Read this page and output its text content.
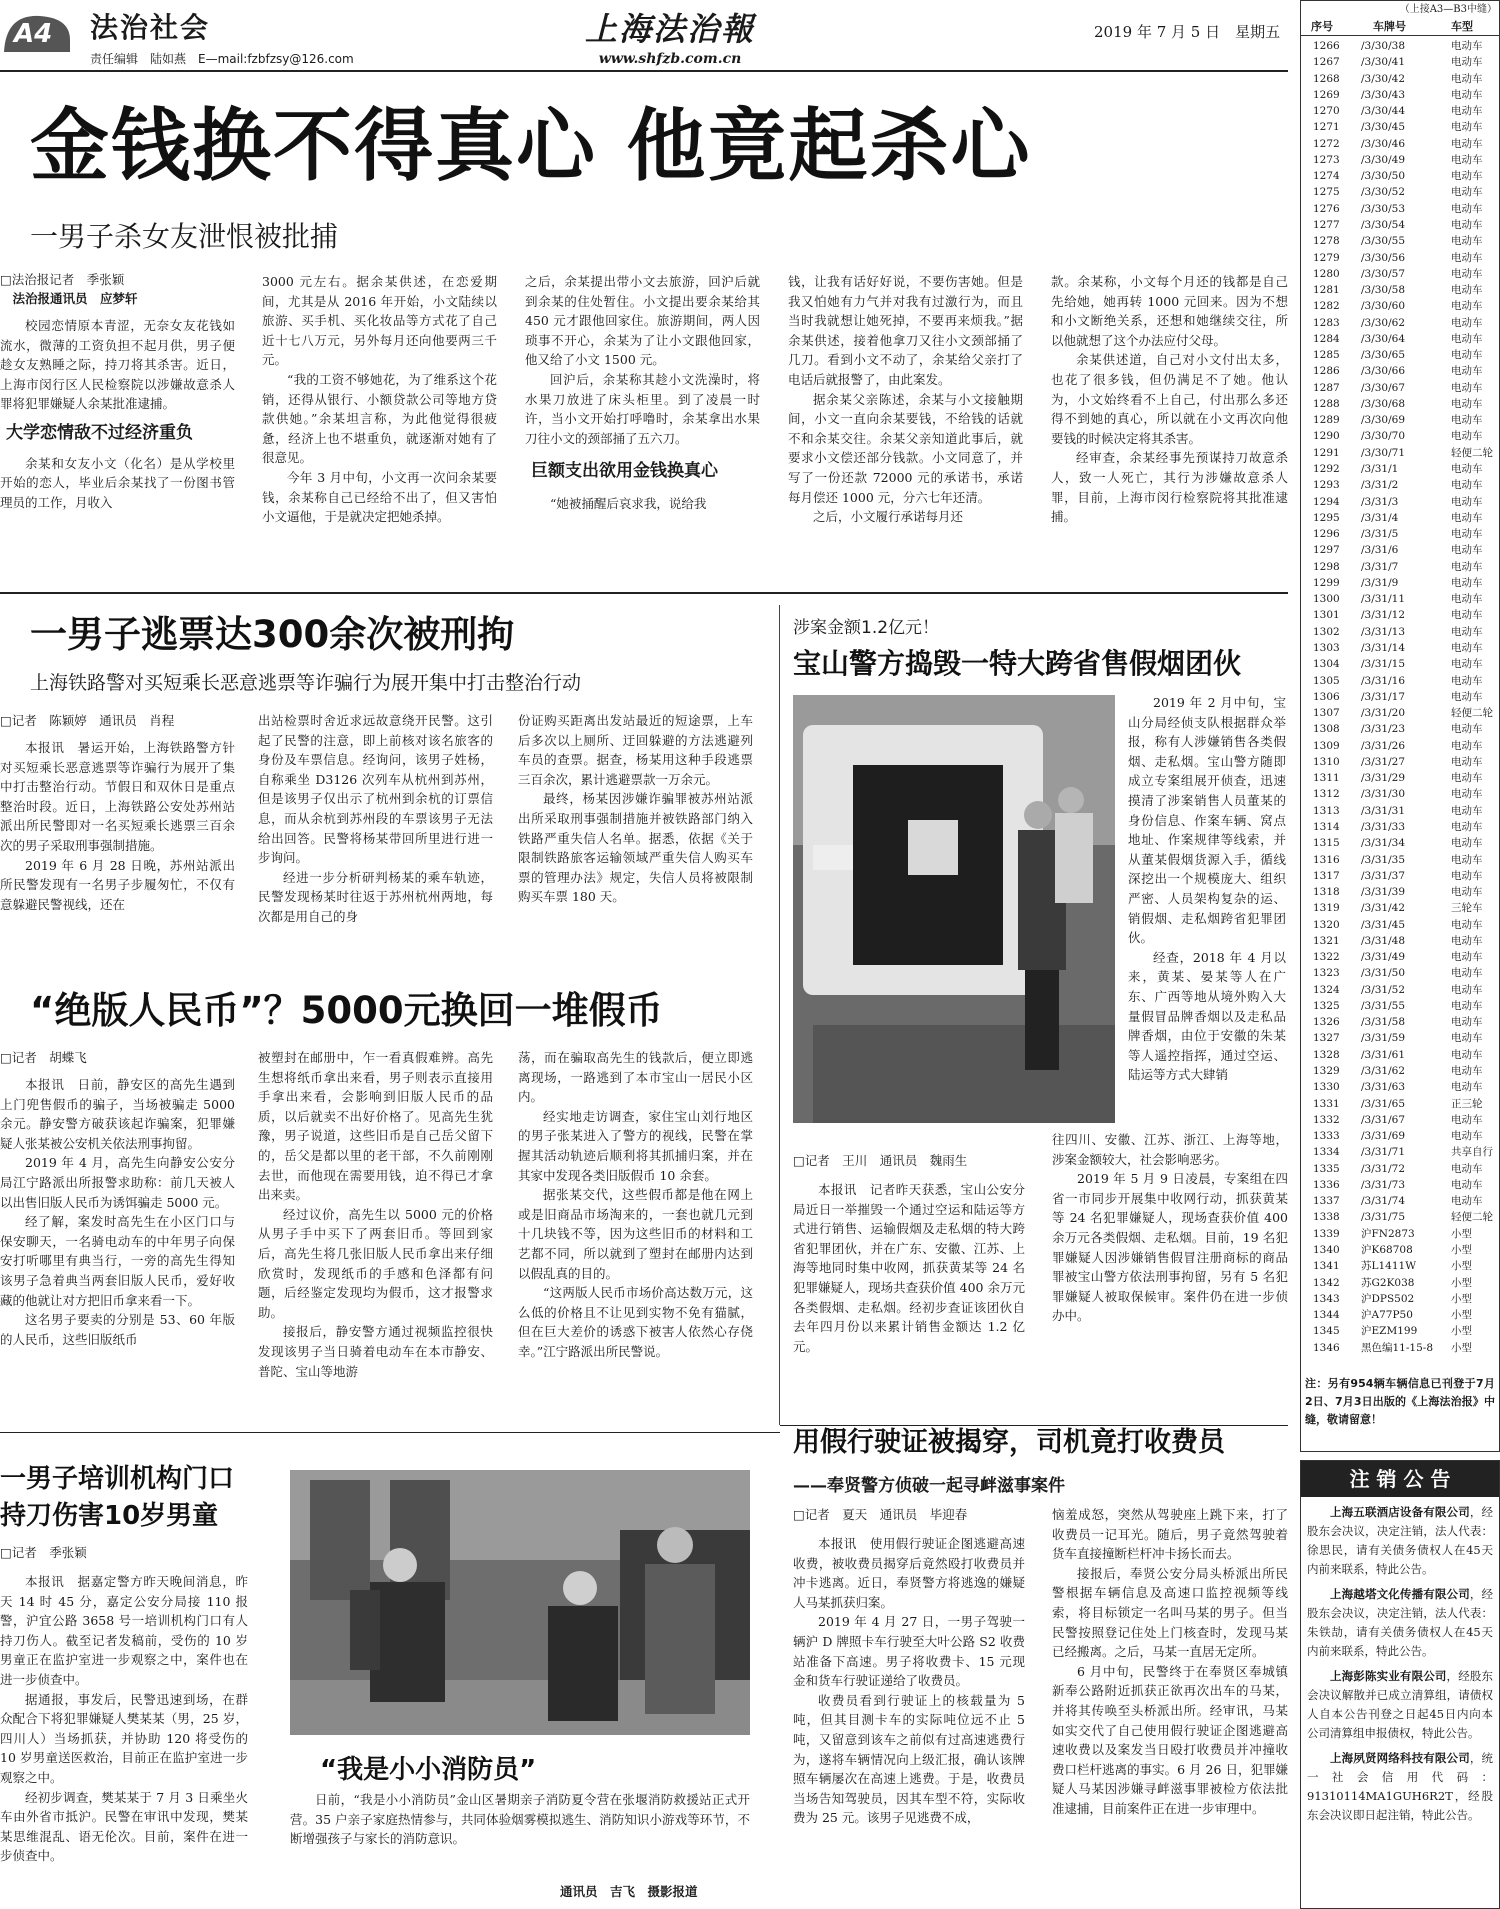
A4 法治社会
责任编辑　陆如燕　E—mail:fzbfzsy@126.com
上海法治報
www.shfzb.com.cn
2019 年 7 月 5 日　星期五
金钱换不得真心 他竟起杀心
一男子杀女友泄恨被批捕
□法治报记者　季张颖
　法治报通讯员　应梦轩

校园恋情原本青涩，无奈女友花钱如流水，微薄的工资负担不起月供，男子便趁女友熟睡之际，持刀将其杀害。近日，上海市闵行区人民检察院以涉嫌故意杀人罪将犯罪嫌疑人余某批准逮捕。

大学恋情敌不过经济重负

余某和女友小文（化名）是从学校里开始的恋人，毕业后余某找了一份图书管理员的工作，月收入

3000 元左右。据余某供述，在恋爱期间，尤其是从 2016 年开始，小文陆续以旅游、买手机、买化妆品等方式花了自己近十七八万元，另外每月还向他要两三千元。

“我的工资不够她花，为了维系这个花销，还得从银行、小额贷款公司等地方贷款供她。”余某坦言称，为此他觉得很疲惫，经济上也不堪重负，就逐渐对她有了很意见。

今年 3 月中旬，小文再一次问余某要钱，余某称自己已经给不出了，但又害怕小文逼他，于是就决定把她杀掉。

之后，余某提出带小文去旅游，回沪后就到余某的住处暂住。小文提出要余某给其 450 元才跟他回家住。旅游期间，两人因琐事不开心，余某为了让小文跟他回家，他又给了小文 1500 元。

回沪后，余某称其趁小文洗澡时，将水果刀放进了床头柜里。到了凌晨一时许，当小文开始打呼噜时，余某拿出水果刀往小文的颈部捅了五六刀。

巨额支出欲用金钱换真心

“她被捅醒后哀求我，说给我

钱，让我有话好好说，不要伤害她。但是我又怕她有力气并对我有过激行为，而且当时我就想让她死掉，不要再来烦我。”据余某供述，接着他拿刀又往小文颈部捅了几刀。看到小文不动了，余某给父亲打了电话后就报警了，由此案发。

据余某父亲陈述，余某与小文接触期间，小文一直向余某要钱，不给钱的话就不和余某交往。余某父亲知道此事后，就要求小文偿还部分钱款。小文同意了，并写了一份还款 72000 元的承诺书，承诺每月偿还 1000 元，分六七年还清。

之后，小文履行承诺每月还

款。余某称，小文每个月还的钱都是自己先给她，她再转 1000 元回来。因为不想和小文断绝关系，还想和她继续交往，所以他就想了这个办法应付父母。

余某供述道，自己对小文付出太多，也花了很多钱，但仍满足不了她。他认为，小文始终看不上自己，付出那么多还得不到她的真心，所以就在小文再次向他要钱的时候决定将其杀害。

经审查，余某经事先预谋持刀故意杀人，致一人死亡，其行为涉嫌故意杀人罪，目前，上海市闵行检察院将其批准逮捕。

一男子逃票达300余次被刑拘
上海铁路警对买短乘长恶意逃票等诈骗行为展开集中打击整治行动
□记者　陈颖婷　通讯员　肖程

本报讯　暑运开始，上海铁路警方针对买短乘长恶意逃票等诈骗行为展开了集中打击整治行动。节假日和双休日是重点整治时段。近日，上海铁路公安处苏州站派出所民警即对一名买短乘长逃票三百余次的男子采取刑事强制措施。

2019 年 6 月 28 日晚，苏州站派出所民警发现有一名男子步履匆忙，不仅有意躲避民警视线，还在

出站检票时舍近求远故意绕开民警。这引起了民警的注意，即上前核对该名旅客的身份及车票信息。经询问，该男子姓杨，自称乘坐 D3126 次列车从杭州到苏州，但是该男子仅出示了杭州到余杭的订票信息，而从余杭到苏州段的车票该男子无法给出回答。民警将杨某带回所里进行进一步询问。

经进一步分析研判杨某的乘车轨迹，民警发现杨某时往返于苏州杭州两地，每次都是用自己的身

份证购买距离出发站最近的短途票，上车后多次以上厕所、迂回躲避的方法逃避列车员的查票。据查，杨某用这种手段逃票三百余次，累计逃避票款一万余元。

最终，杨某因涉嫌诈骗罪被苏州站派出所采取刑事强制措施并被铁路部门纳入铁路严重失信人名单。据悉，依据《关于限制铁路旅客运输领域严重失信人购买车票的管理办法》规定，失信人员将被限制购买车票 180 天。

“绝版人民币”？5000元换回一堆假币
□记者　胡蝶飞

本报讯　日前，静安区的高先生遇到上门兜售假币的骗子，当场被骗走 5000 余元。静安警方破获该起诈骗案，犯罪嫌疑人张某被公安机关依法刑事拘留。

2019 年 4 月，高先生向静安公安分局江宁路派出所报警求助称：前几天被人以出售旧版人民币为诱饵骗走 5000 元。

经了解，案发时高先生在小区门口与保安聊天，一名骑电动车的中年男子向保安打听哪里有典当行，一旁的高先生得知该男子急着典当两套旧版人民币，爱好收藏的他就让对方把旧币拿来看一下。

这名男子要卖的分别是 53、60 年版的人民币，这些旧版纸币

被塑封在邮册中，乍一看真假难辨。高先生想将纸币拿出来看，男子则表示直接用手拿出来看，会影响到旧版人民币的品质，以后就卖不出好价格了。见高先生犹豫，男子说道，这些旧币是自己岳父留下的，岳父是都以里的老干部，不久前刚刚去世，而他现在需要用钱，迫不得已才拿出来卖。

经过议价，高先生以 5000 元的价格从男子手中买下了两套旧币。等回到家后，高先生将几张旧版人民币拿出来仔细欣赏时，发现纸币的手感和色泽都有问题，后经鉴定发现均为假币，这才报警求助。

接报后，静安警方通过视频监控很快发现该男子当日骑着电动车在本市静安、普陀、宝山等地游

荡，而在骗取高先生的钱款后，便立即逃离现场，一路逃到了本市宝山一居民小区内。

经实地走访调查，家住宝山刘行地区的男子张某进入了警方的视线，民警在掌握其活动轨迹后顺利将其抓捕归案，并在其家中发现各类旧版假币 10 余套。

据张某交代，这些假币都是他在网上或是旧商品市场淘来的，一套也就几元到十几块钱不等，因为这些旧币的材料和工艺都不同，所以就到了塑封在邮册内达到以假乱真的目的。

“这两版人民币市场价高达数万元，这么低的价格且不让见到实物不免有猫腻，但在巨大差价的诱惑下被害人依然心存侥幸。”江宁路派出所民警说。

一男子培训机构门口
持刀伤害10岁男童
□记者　季张颖

本报讯　据嘉定警方昨天晚间消息，昨天 14 时 45 分，嘉定公安分局接 110 报警，沪宜公路 3658 号一培训机构门口有人持刀伤人。截至记者发稿前，受伤的 10 岁男童正在监护室进一步观察之中，案件也在进一步侦查中。

据通报，事发后，民警迅速到场，在群众配合下将犯罪嫌疑人樊某某（男，25 岁，四川人）当场抓获，并协助 120 将受伤的 10 岁男童送医救治，目前正在监护室进一步观察之中。

经初步调查，樊某某于 7 月 3 日乘坐火车由外省市抵沪。民警在审讯中发现，樊某某思维混乱、语无伦次。目前，案件在进一步侦查中。

“我是小小消防员”

日前，“我是小小消防员”金山区暑期亲子消防夏令营在张堰消防救援站正式开营。35 户亲子家庭热情参与，共同体验烟雾模拟逃生、消防知识小游戏等环节，不断增强孩子与家长的消防意识。

通讯员　吉飞　摄影报道
涉案金额1.2亿元！
宝山警方捣毁一特大跨省售假烟团伙

2019 年 2 月中旬，宝山分局经侦支队根据群众举报，称有人涉嫌销售各类假烟、走私烟。宝山警方随即成立专案组展开侦查，迅速摸清了涉案销售人员董某的身份信息、作案车辆、窝点地址、作案规律等线索，并从董某假烟货源入手，循线深挖出一个规模庞大、组织严密、人员架构复杂的运、销假烟、走私烟跨省犯罪团伙。

经查，2018 年 4 月以来，黄某、晏某等人在广东、广西等地从境外购入大量假冒品牌香烟以及走私品牌香烟，由位于安徽的朱某等人遥控指挥，通过空运、陆运等方式大肆销

□记者　王川　通讯员　魏雨生

本报讯　记者昨天获悉，宝山公安分局近日一举摧毁一个通过空运和陆运等方式进行销售、运输假烟及走私烟的特大跨省犯罪团伙，并在广东、安徽、江苏、上海等地同时集中收网，抓获黄某等 24 名犯罪嫌疑人，现场共查获价值 400 余万元各类假烟、走私烟。经初步查证该团伙自去年四月份以来累计销售金额达 1.2 亿元。

往四川、安徽、江苏、浙江、上海等地，涉案金额较大，社会影响恶劣。

2019 年 5 月 9 日凌晨，专案组在四省一市同步开展集中收网行动，抓获黄某等 24 名犯罪嫌疑人，现场查获价值 400 余万元各类假烟、走私烟。目前，19 名犯罪嫌疑人因涉嫌销售假冒注册商标的商品罪被宝山警方依法刑事拘留，另有 5 名犯罪嫌疑人被取保候审。案件仍在进一步侦办中。

用假行驶证被揭穿，司机竟打收费员
——奉贤警方侦破一起寻衅滋事案件
□记者　夏天　通讯员　毕迎春

本报讯　使用假行驶证企图逃避高速收费，被收费员揭穿后竟然殴打收费员并冲卡逃离。近日，奉贤警方将逃逸的嫌疑人马某抓获归案。

2019 年 4 月 27 日，一男子驾驶一辆沪 D 牌照卡车行驶至大叶公路 S2 收费站准备下高速。男子将收费卡、15 元现金和货车行驶证递给了收费员。

收费员看到行驶证上的核载量为 5 吨，但其目测卡车的实际吨位远不止 5 吨，又留意到该车之前似有过高速逃费行为，遂将车辆情况向上级汇报，确认该牌照车辆屡次在高速上逃费。于是，收费员当场告知驾驶员，因其车型不符，实际收费为 25 元。该男子见逃费不成，

恼羞成怒，突然从驾驶座上跳下来，打了收费员一记耳光。随后，男子竟然驾驶着货车直接撞断栏杆冲卡扬长而去。

接报后，奉贤公安分局头桥派出所民警根据车辆信息及高速口监控视频等线索，将目标锁定一名叫马某的男子。但当民警按照登记住处上门核查时，发现马某已经搬离。之后，马某一直居无定所。

6 月中旬，民警终于在奉贤区奉城镇新奉公路附近抓获正欲再次出车的马某，并将其传唤至头桥派出所。经审讯，马某如实交代了自己使用假行驶证企图逃避高速收费以及案发当日殴打收费员并冲撞收费口栏杆逃离的事实。6 月 26 日，犯罪嫌疑人马某因涉嫌寻衅滋事罪被检方依法批准逮捕，目前案件正在进一步审理中。

（上接A3—B3中缝）
序号	车牌号	车型
1266 /3/30/38	电动车
1267 /3/30/41	电动车
1268 /3/30/42	电动车
1269 /3/30/43	电动车
1270 /3/30/44	电动车
1271 /3/30/45	电动车
1272 /3/30/46	电动车
1273 /3/30/49	电动车
1274 /3/30/50	电动车
1275 /3/30/52	电动车
1276 /3/30/53	电动车
1277 /3/30/54	电动车
1278 /3/30/55	电动车
1279 /3/30/56	电动车
1280 /3/30/57	电动车
1281 /3/30/58	电动车
1282 /3/30/60	电动车
1283 /3/30/62	电动车
1284 /3/30/64	电动车
1285 /3/30/65	电动车
1286 /3/30/66	电动车
1287 /3/30/67	电动车
1288 /3/30/68	电动车
1289 /3/30/69	电动车
1290 /3/30/70	电动车
1291 /3/30/71	轻便二轮
1292 /3/31/1	电动车
1293 /3/31/2	电动车
1294 /3/31/3	电动车
1295 /3/31/4	电动车
1296 /3/31/5	电动车
1297 /3/31/6	电动车
1298 /3/31/7	电动车
1299 /3/31/9	电动车
1300 /3/31/11	电动车
1301 /3/31/12	电动车
1302 /3/31/13	电动车
1303 /3/31/14	电动车
1304 /3/31/15	电动车
1305 /3/31/16	电动车
1306 /3/31/17	电动车
1307 /3/31/20	轻便二轮
1308 /3/31/23	电动车
1309 /3/31/26	电动车
1310 /3/31/27	电动车
1311 /3/31/29	电动车
1312 /3/31/30	电动车
1313 /3/31/31	电动车
1314 /3/31/33	电动车
1315 /3/31/34	电动车
1316 /3/31/35	电动车
1317 /3/31/37	电动车
1318 /3/31/39	电动车
1319 /3/31/42	三轮车
1320 /3/31/45	电动车
1321 /3/31/48	电动车
1322 /3/31/49	电动车
1323 /3/31/50	电动车
1324 /3/31/52	电动车
1325 /3/31/55	电动车
1326 /3/31/58	电动车
1327 /3/31/59	电动车
1328 /3/31/61	电动车
1329 /3/31/62	电动车
1330 /3/31/63	电动车
1331 /3/31/65	正三轮
1332 /3/31/67	电动车
1333 /3/31/69	电动车
1334 /3/31/71	共享自行
1335 /3/31/72	电动车
1336 /3/31/73	电动车
1337 /3/31/74	电动车
1338 /3/31/75	轻便二轮
1339 沪FN2873	小型
1340 沪K68708	小型
1341 苏L1411W	小型
1342 苏G2K038	小型
1343 沪DPS502	小型
1344 沪A77P50	小型
1345 沪EZM199	小型
1346 黑色编11-15-8 小型
注：另有954辆车辆信息已刊登于7月2日、7月3日出版的《上海法治报》中缝，敬请留意！
注 销 公 告

上海五联酒店设备有限公司，经股东会决议，决定注销，法人代表：徐思民，请有关债务债权人在45天内前来联系，特此公告。

上海越塔文化传播有限公司，经股东会决议，决定注销，法人代表：朱铁劼，请有关债务债权人在45天内前来联系，特此公告。

上海彭陈实业有限公司，经股东会决议解散并已成立清算组，请债权人自本公告刊登之日起45日内向本公司清算组申报债权，特此公告。

上海夙贤网络科技有限公司，统一社会信用代码：91310114MA1GUH6R2T，经股东会决议即日起注销，特此公告。
